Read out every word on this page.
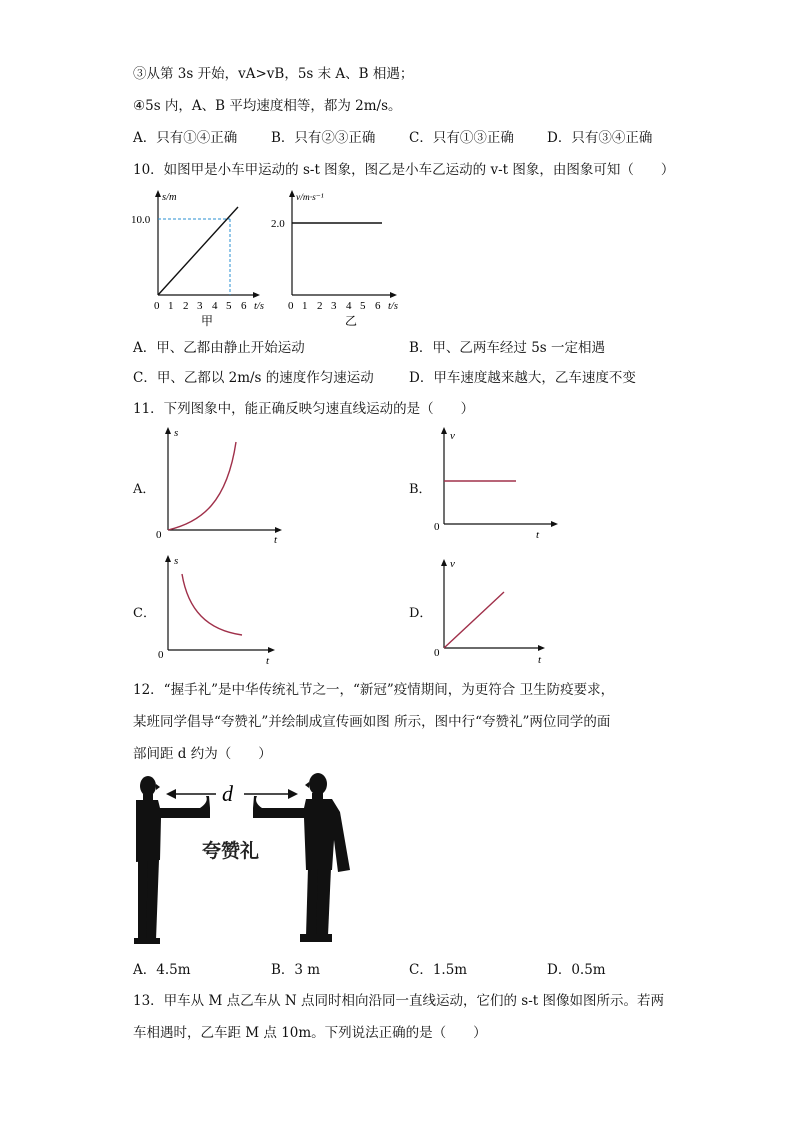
③从第 3s 开始，vA>vB，5s 末 A、B 相遇；
④5s 内，A、B 平均速度相等，都为 2m/s。
A．只有①④正确	B．只有②③正确 C．只有①③正确 D．只有③④正确
10．如图甲是小车甲运动的 s-t 图象，图乙是小车乙运动的 v-t 图象，由图象可知（　　）
s/m
10.0
0 1 2 3 4 5 6 t/s
甲
v/m·s⁻¹
2.0
0 1 2 3 4 5 6 t/s
乙
A．甲、乙都由静止开始运动	B．甲、乙两车经过 5s 一定相遇
C．甲、乙都以 2m/s 的速度作匀速运动	D．甲车速度越来越大，乙车速度不变
11．下列图象中，能正确反映匀速直线运动的是（　　）
A．
s
0	t
B．
v
0
t
C．
s
0	t
D．
v
0
t
12．“握手礼”是中华传统礼节之一，“新冠”疫情期间，为更符合 卫生防疫要求，
某班同学倡导“夸赞礼”并绘制成宣传画如图 所示，图中行“夸赞礼”两位同学的面
部间距 d 约为（　　）
d
夸赞礼
A．4.5m	B．3 m	C．1.5m	D．0.5m
13．甲车从 M 点乙车从 N 点同时相向沿同一直线运动，它们的 s-t 图像如图所示。若两
车相遇时，乙车距 M 点 10m。下列说法正确的是（　　）
